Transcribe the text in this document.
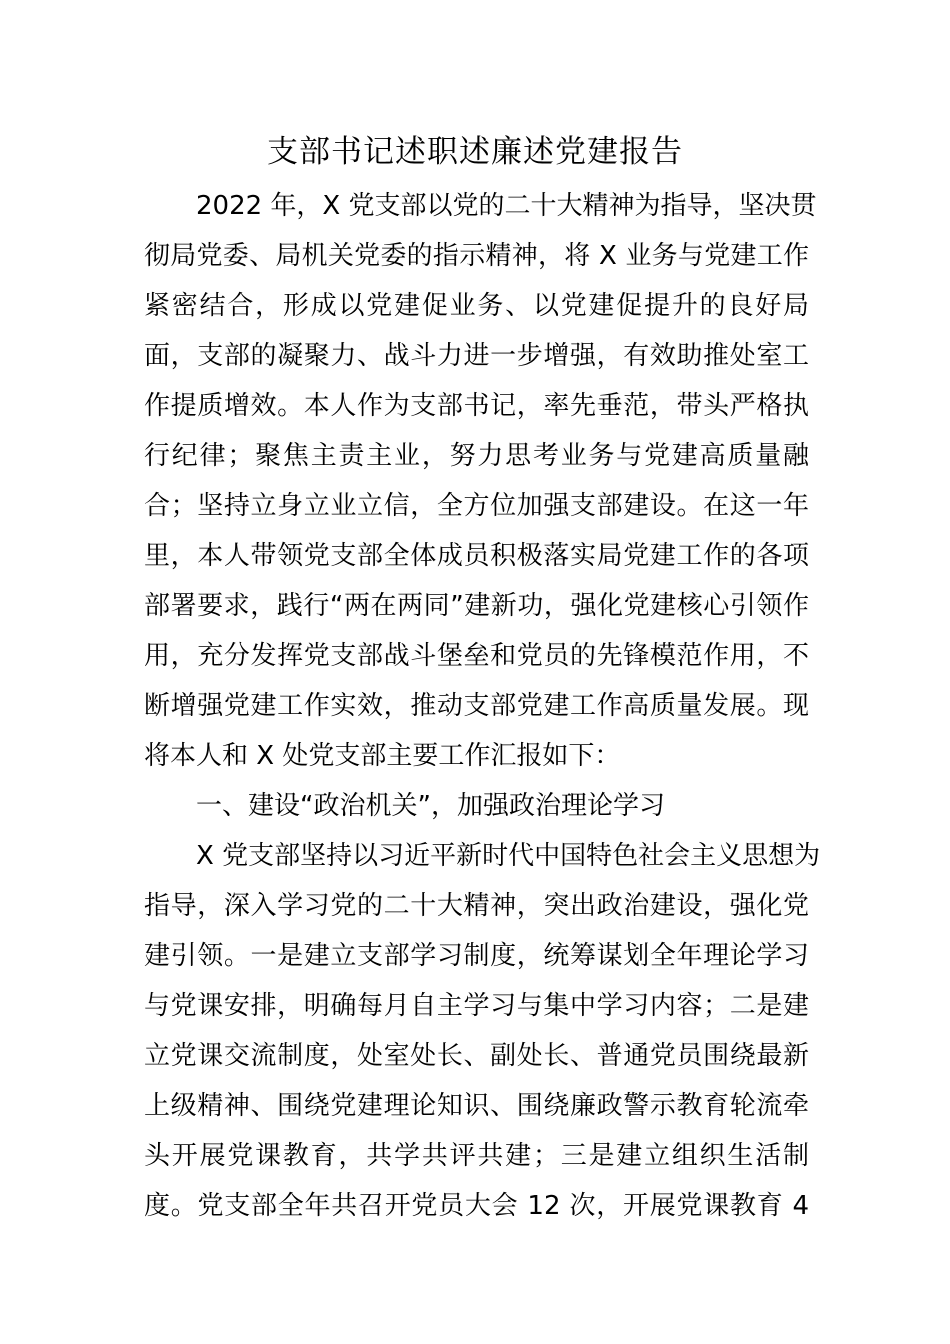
支部书记述职述廉述党建报告
2022 年，X 党支部以党的二十大精神为指导，坚决贯
彻局党委、局机关党委的指示精神，将 X 业务与党建工作
紧密结合，形成以党建促业务、以党建促提升的良好局
面，支部的凝聚力、战斗力进一步增强，有效助推处室工
作提质增效。本人作为支部书记，率先垂范，带头严格执
行纪律；聚焦主责主业，努力思考业务与党建高质量融
合；坚持立身立业立信，全方位加强支部建设。在这一年
里，本人带领党支部全体成员积极落实局党建工作的各项
部署要求，践行“两在两同”建新功，强化党建核心引领作
用，充分发挥党支部战斗堡垒和党员的先锋模范作用，不
断增强党建工作实效，推动支部党建工作高质量发展。现
将本人和 X 处党支部主要工作汇报如下：
一、建设“政治机关”，加强政治理论学习
X 党支部坚持以习近平新时代中国特色社会主义思想为
指导，深入学习党的二十大精神，突出政治建设，强化党
建引领。一是建立支部学习制度，统筹谋划全年理论学习
与党课安排，明确每月自主学习与集中学习内容；二是建
立党课交流制度，处室处长、副处长、普通党员围绕最新
上级精神、围绕党建理论知识、围绕廉政警示教育轮流牵
头开展党课教育，共学共评共建；三是建立组织生活制
度。党支部全年共召开党员大会 12 次，开展党课教育 4
